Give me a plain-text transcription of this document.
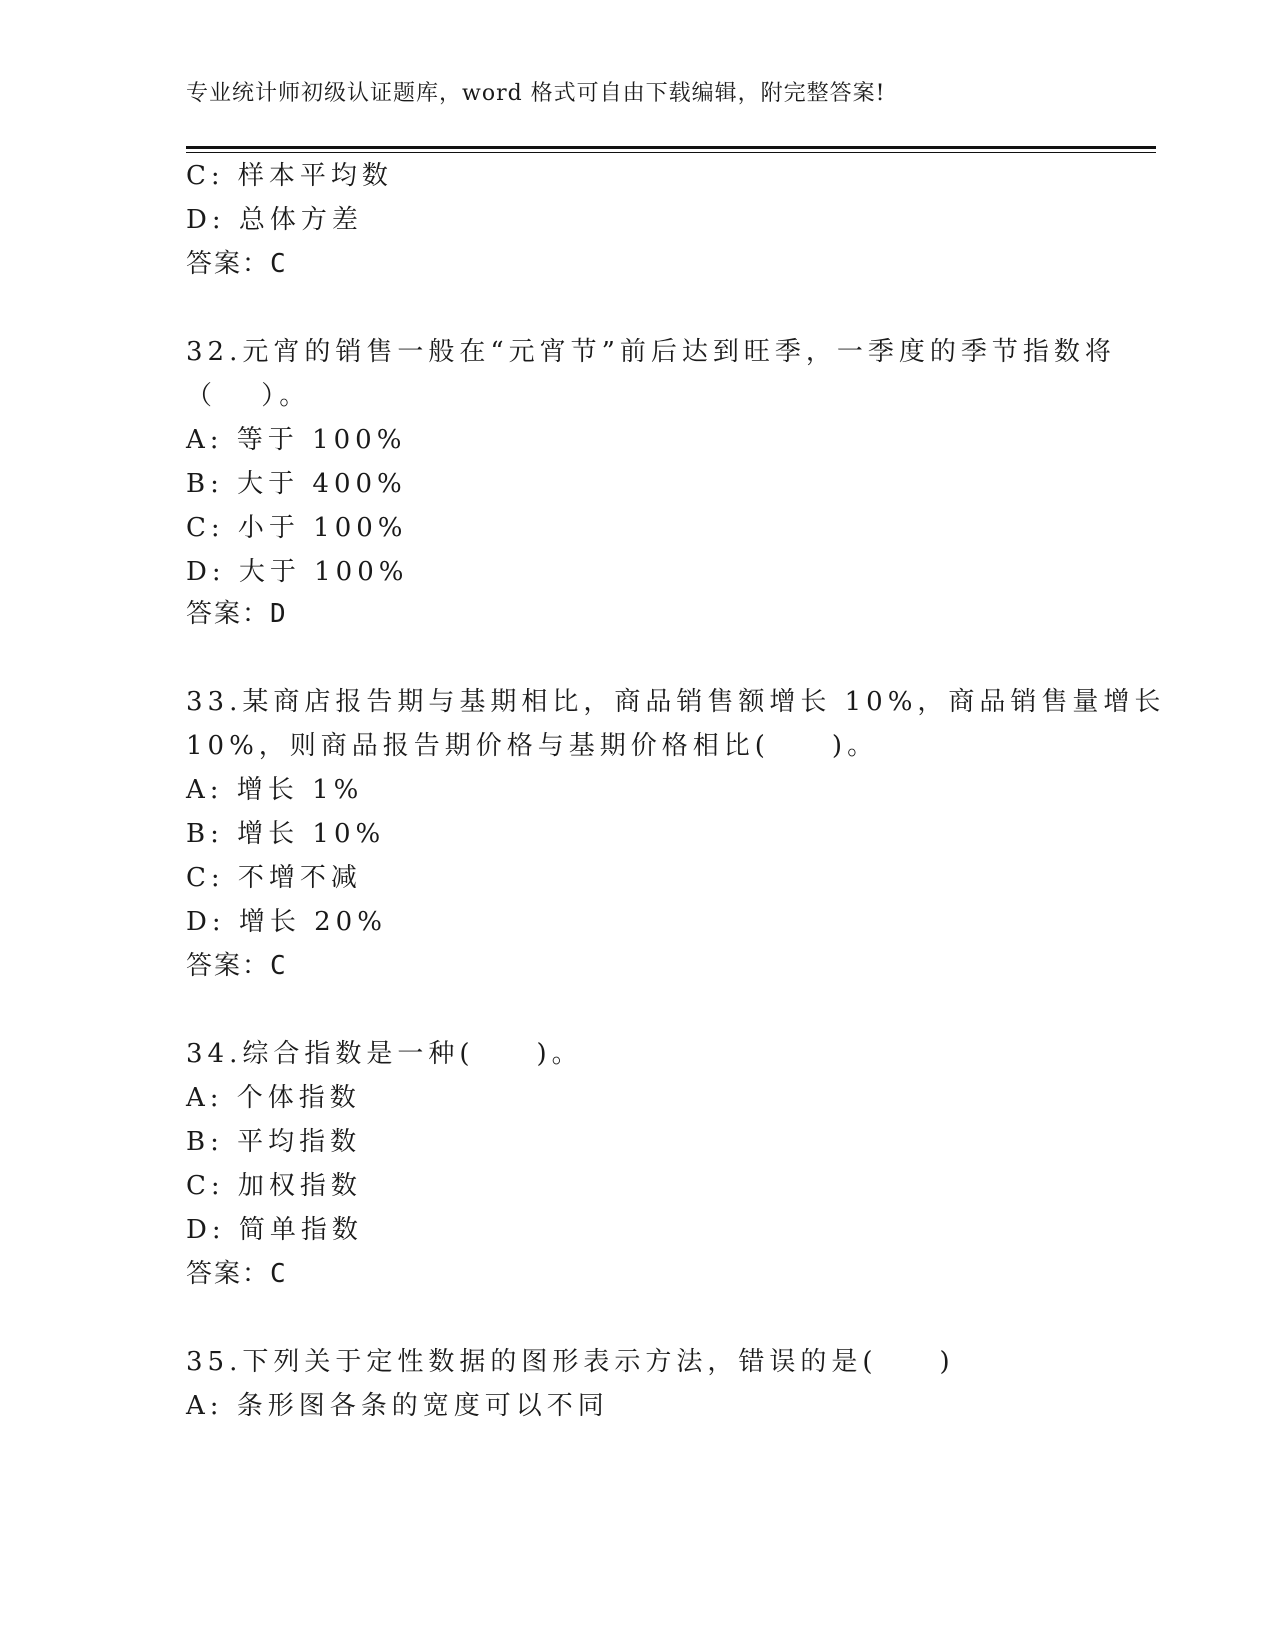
专业统计师初级认证题库，word 格式可自由下载编辑，附完整答案!
C: 样本平均数
D: 总体方差
答案：C
32.元宵的销售一般在“元宵节”前后达到旺季，一季度的季节指数将
（　 ）。
A: 等于 100%
B: 大于 400%
C: 小于 100%
D: 大于 100%
答案：D
33.某商店报告期与基期相比，商品销售额增长 10%，商品销售量增长
10%，则商品报告期价格与基期价格相比(　　)。
A: 增长 1%
B: 增长 10%
C: 不增不减
D: 增长 20%
答案：C
34.综合指数是一种(　　)。
A: 个体指数
B: 平均指数
C: 加权指数
D: 简单指数
答案：C
35.下列关于定性数据的图形表示方法，错误的是(　　)
A: 条形图各条的宽度可以不同
